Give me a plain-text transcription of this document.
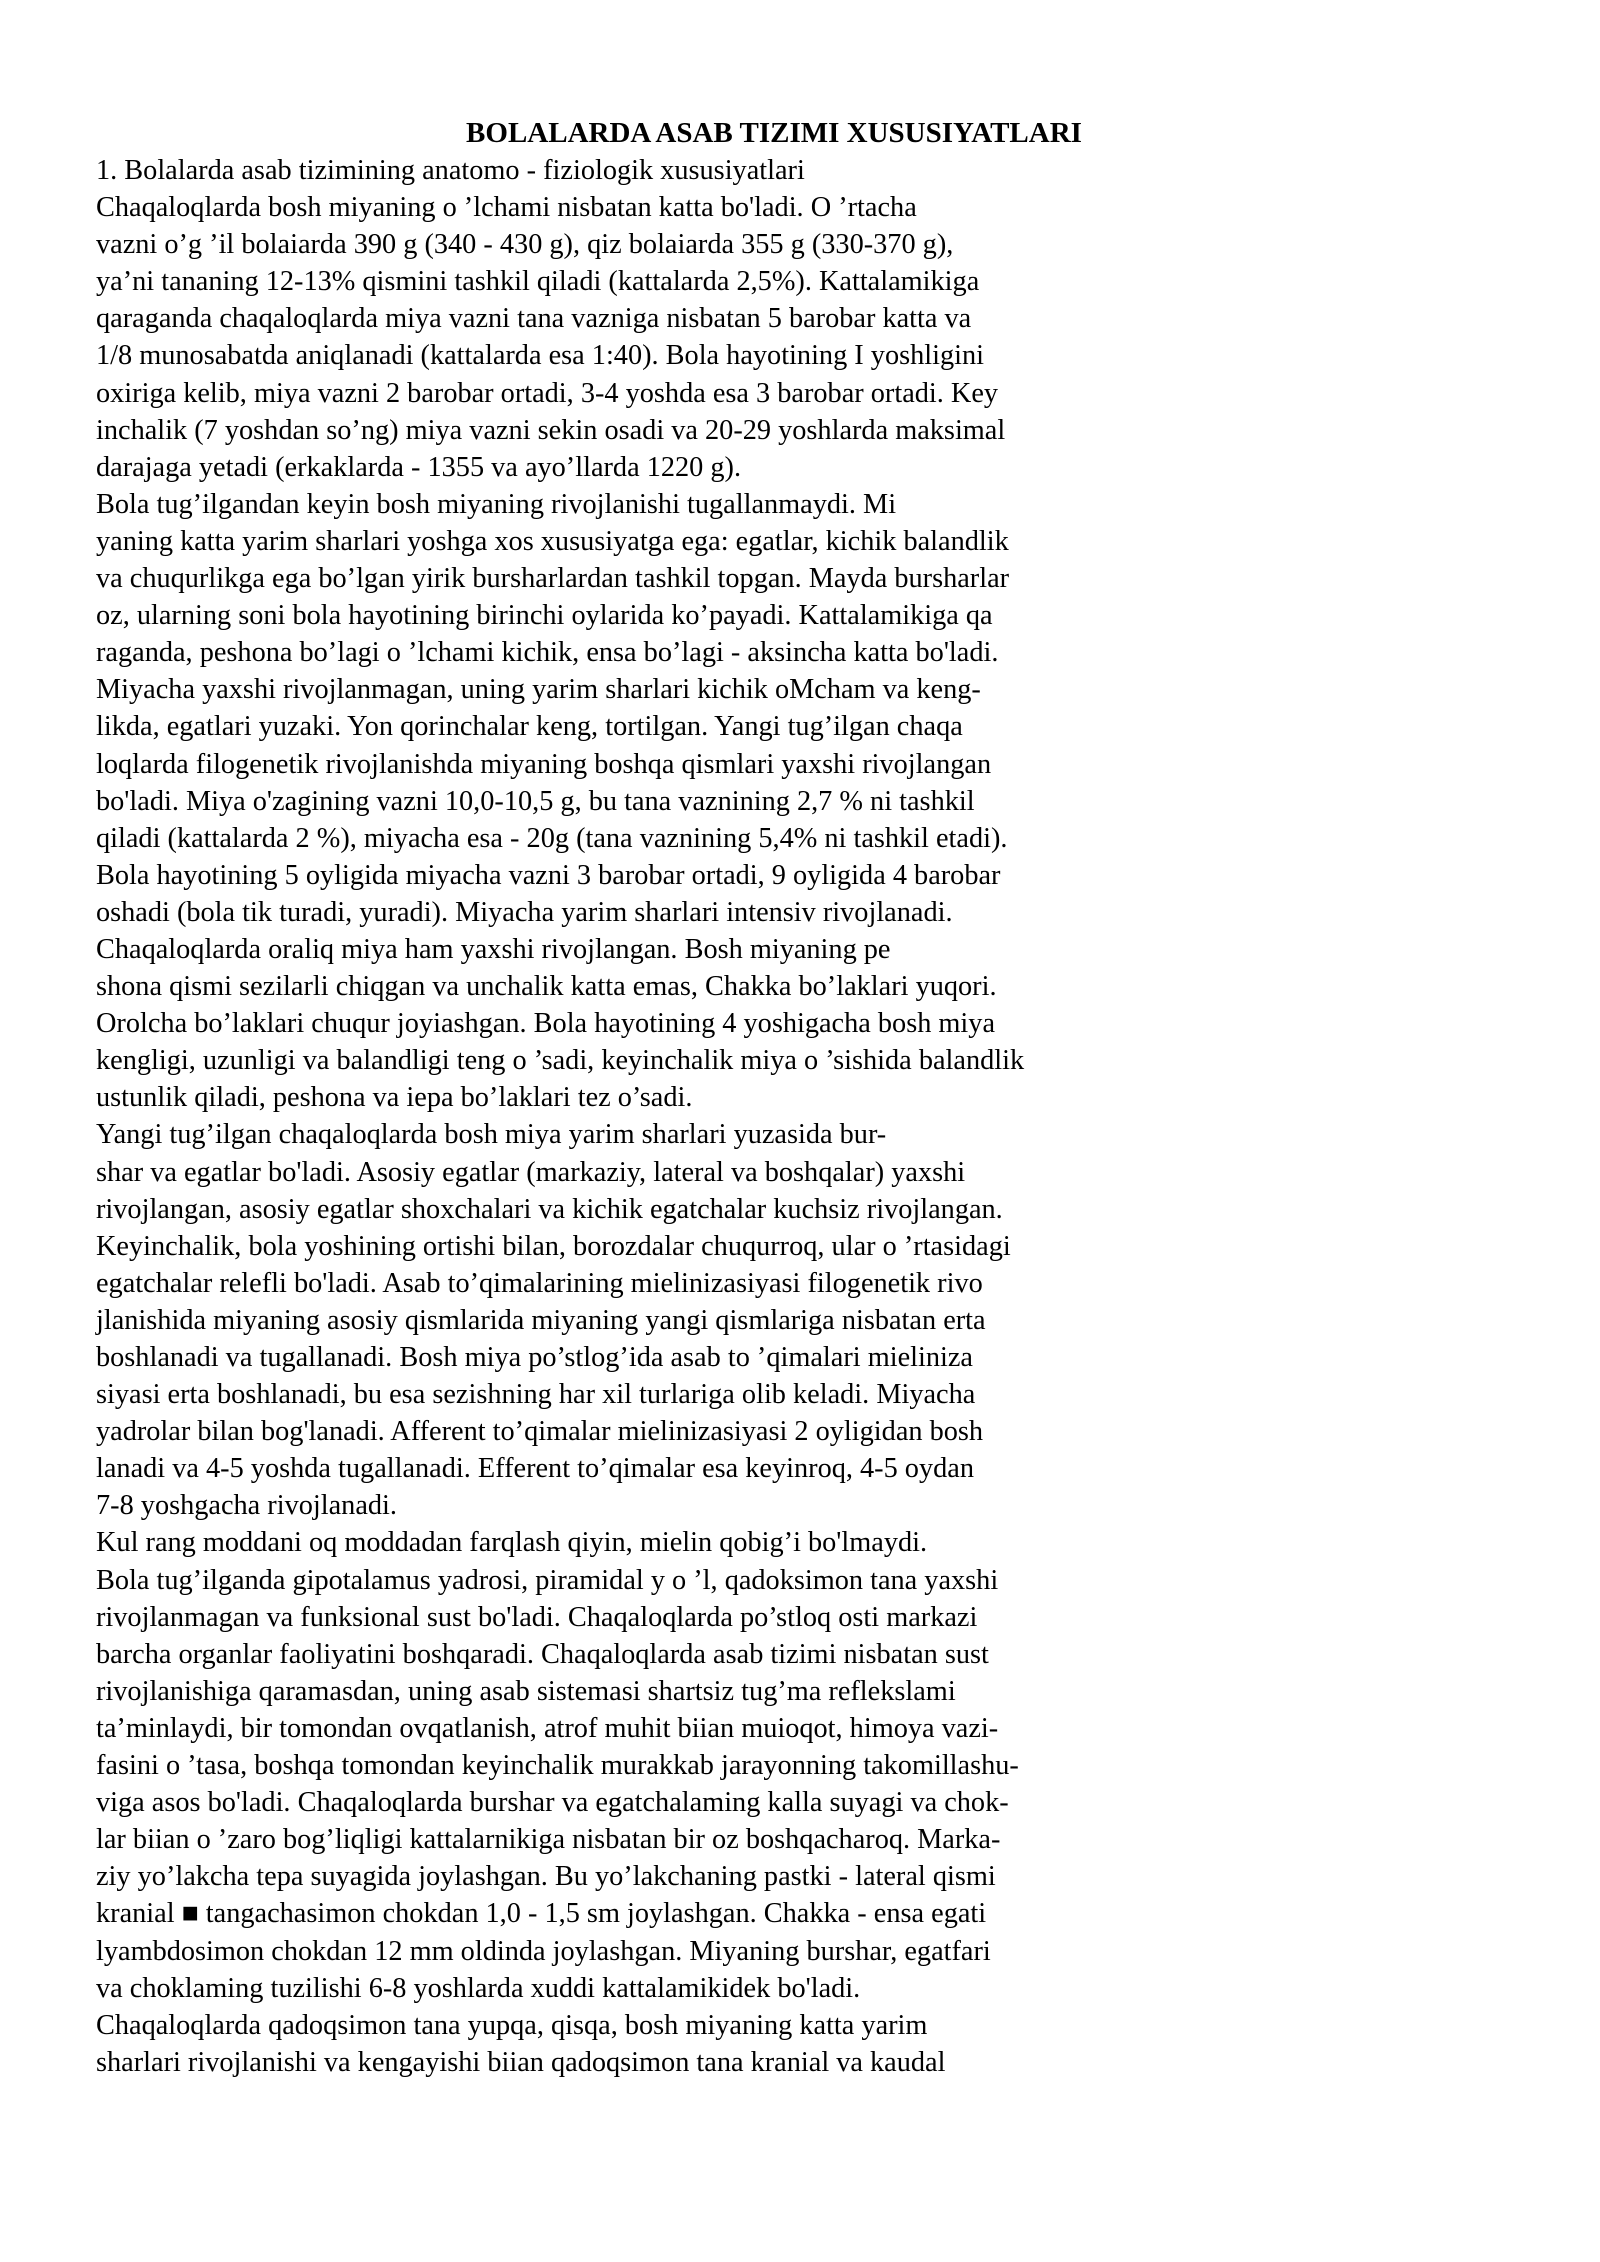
BOLALARDA ASAB TIZIMI XUSUSIYATLARI
1. Bolalarda asab tizimining anatomo - fiziologik xususiyatlari
Chaqaloqlarda bosh miyaning o ’lchami nisbatan katta bo'ladi. O ’rtacha
vazni o’g ’il bolaiarda 390 g (340 - 430 g), qiz bolaiarda 355 g (330-370 g),
ya’ni tananing 12-13% qismini tashkil qiladi (kattalarda 2,5%). Kattalamikiga
qaraganda chaqaloqlarda miya vazni tana vazniga nisbatan 5 barobar katta va
1/8 munosabatda aniqlanadi (kattalarda esa 1:40). Bola hayotining I yoshligini
oxiriga kelib, miya vazni 2 barobar ortadi, 3-4 yoshda esa 3 barobar ortadi. Key
inchalik (7 yoshdan so’ng) miya vazni sekin osadi va 20-29 yoshlarda maksimal
darajaga yetadi (erkaklarda - 1355 va ayo’llarda 1220 g).
Bola tug’ilgandan keyin bosh miyaning rivojlanishi tugallanmaydi. Mi
yaning katta yarim sharlari yoshga xos xususiyatga ega: egatlar, kichik balandlik
va chuqurlikga ega bo’lgan yirik bursharlardan tashkil topgan. Mayda bursharlar
oz, ularning soni bola hayotining birinchi oylarida ko’payadi. Kattalamikiga qa
raganda, peshona bo’lagi o ’lchami kichik, ensa bo’lagi - aksincha katta bo'ladi.
Miyacha yaxshi rivojlanmagan, uning yarim sharlari kichik oMcham va keng-
likda, egatlari yuzaki. Yon qorinchalar keng, tortilgan. Yangi tug’ilgan chaqa
loqlarda filogenetik rivojlanishda miyaning boshqa qismlari yaxshi rivojlangan
bo'ladi. Miya o'zagining vazni 10,0-10,5 g, bu tana vaznining 2,7 % ni tashkil
qiladi (kattalarda 2 %), miyacha esa - 20g (tana vaznining 5,4% ni tashkil etadi).
Bola hayotining 5 oyligida miyacha vazni 3 barobar ortadi, 9 oyligida 4 barobar
oshadi (bola tik turadi, yuradi). Miyacha yarim sharlari intensiv rivojlanadi.
Chaqaloqlarda oraliq miya ham yaxshi rivojlangan. Bosh miyaning pe
shona qismi sezilarli chiqgan va unchalik katta emas, Chakka bo’laklari yuqori.
Orolcha bo’laklari chuqur joyiashgan. Bola hayotining 4 yoshigacha bosh miya
kengligi, uzunligi va balandligi teng o ’sadi, keyinchalik miya o ’sishida balandlik
ustunlik qiladi, peshona va iepa bo’laklari tez o’sadi.
Yangi tug’ilgan chaqaloqlarda bosh miya yarim sharlari yuzasida bur-
shar va egatlar bo'ladi. Asosiy egatlar (markaziy, lateral va boshqalar) yaxshi
rivojlangan, asosiy egatlar shoxchalari va kichik egatchalar kuchsiz rivojlangan.
Keyinchalik, bola yoshining ortishi bilan, borozdalar chuqurroq, ular o ’rtasidagi
egatchalar relefli bo'ladi. Asab to’qimalarining mielinizasiyasi filogenetik rivo
jlanishida miyaning asosiy qismlarida miyaning yangi qismlariga nisbatan erta
boshlanadi va tugallanadi. Bosh miya po’stlog’ida asab to ’qimalari mieliniza
siyasi erta boshlanadi, bu esa sezishning har xil turlariga olib keladi. Miyacha
yadrolar bilan bog'lanadi. Afferent to’qimalar mielinizasiyasi 2 oyligidan bosh
lanadi va 4-5 yoshda tugallanadi. Efferent to’qimalar esa keyinroq, 4-5 oydan
7-8 yoshgacha rivojlanadi.
Kul rang moddani oq moddadan farqlash qiyin, mielin qobig’i bo'lmaydi.
Bola tug’ilganda gipotalamus yadrosi, piramidal y o ’l, qadoksimon tana yaxshi
rivojlanmagan va funksional sust bo'ladi. Chaqaloqlarda po’stloq osti markazi
barcha organlar faoliyatini boshqaradi. Chaqaloqlarda asab tizimi nisbatan sust
rivojlanishiga qaramasdan, uning asab sistemasi shartsiz tug’ma reflekslami
ta’minlaydi, bir tomondan ovqatlanish, atrof muhit biian muioqot, himoya vazi-
fasini o ’tasa, boshqa tomondan keyinchalik murakkab jarayonning takomillashu-
viga asos bo'ladi. Chaqaloqlarda burshar va egatchalaming kalla suyagi va chok-
lar biian o ’zaro bog’liqligi kattalarnikiga nisbatan bir oz boshqacharoq. Marka-
ziy yo’lakcha tepa suyagida joylashgan. Bu yo’lakchaning pastki - lateral qismi
kranial ■ tangachasimon chokdan 1,0 - 1,5 sm joylashgan. Chakka - ensa egati
lyambdosimon chokdan 12 mm oldinda joylashgan. Miyaning burshar, egatfari
va choklaming tuzilishi 6-8 yoshlarda xuddi kattalamikidek bo'ladi.
Chaqaloqlarda qadoqsimon tana yupqa, qisqa, bosh miyaning katta yarim
sharlari rivojlanishi va kengayishi biian qadoqsimon tana kranial va kaudal
